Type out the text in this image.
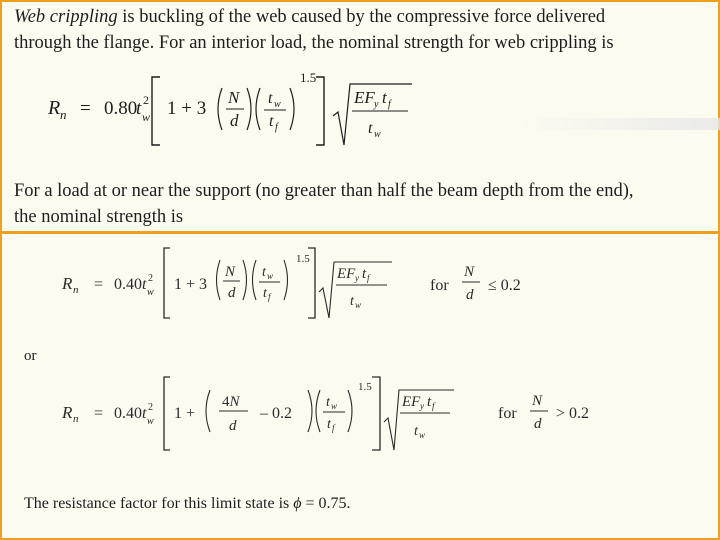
Web crippling is buckling of the web caused by the compressive force delivered
through the flange. For an interior load, the nominal strength for web crippling is
R n = 0.80
t 2
w 1 + 3
N
d
t w
t f
1.5
EF y t f
t w
For a load at or near the support (no greater than half the beam depth from the end),
the nominal strength is
R n = 0.40 t 2
w 1 + 3
N
d
t w
t f
1.5
EF y t f
t w
for
N
d
≤ 0.2
or
R n = 0.40 t 2
w 1 +
4N
d
– 0.2
t w
t f
1.5
EF y t f
t w
for
N
d
> 0.2
The resistance factor for this limit state is ϕ = 0.75.
